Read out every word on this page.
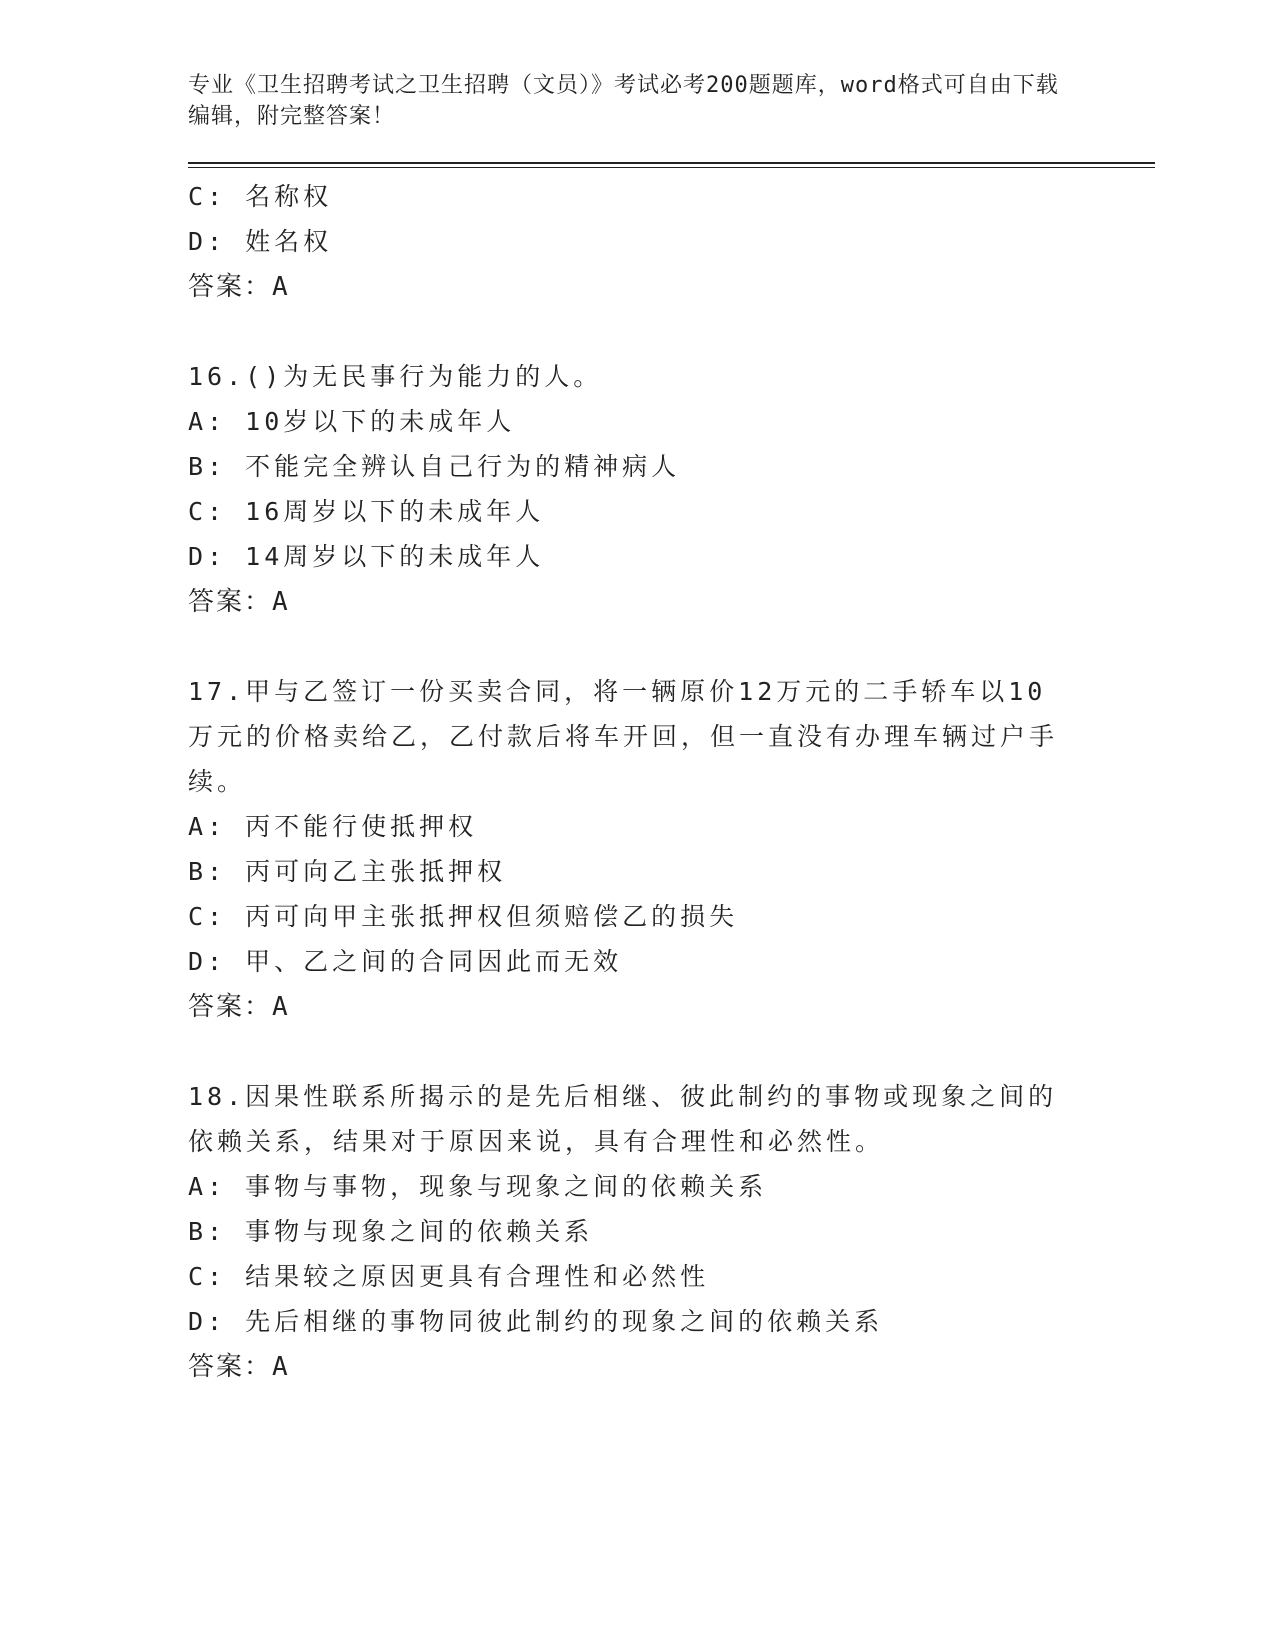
专业《卫生招聘考试之卫生招聘（文员）》考试必考200题题库，word格式可自由下载编辑，附完整答案！

C: 名称权

D: 姓名权

答案：A

16.()为无民事行为能力的人。

A: 10岁以下的未成年人

B: 不能完全辨认自己行为的精神病人

C: 16周岁以下的未成年人

D: 14周岁以下的未成年人

答案：A

17.甲与乙签订一份买卖合同，将一辆原价12万元的二手轿车以10万元的价格卖给乙，乙付款后将车开回，但一直没有办理车辆过户手续。

A: 丙不能行使抵押权

B: 丙可向乙主张抵押权

C: 丙可向甲主张抵押权但须赔偿乙的损失

D: 甲、乙之间的合同因此而无效

答案：A

18.因果性联系所揭示的是先后相继、彼此制约的事物或现象之间的依赖关系，结果对于原因来说，具有合理性和必然性。

A: 事物与事物，现象与现象之间的依赖关系

B: 事物与现象之间的依赖关系

C: 结果较之原因更具有合理性和必然性

D: 先后相继的事物同彼此制约的现象之间的依赖关系

答案：A
